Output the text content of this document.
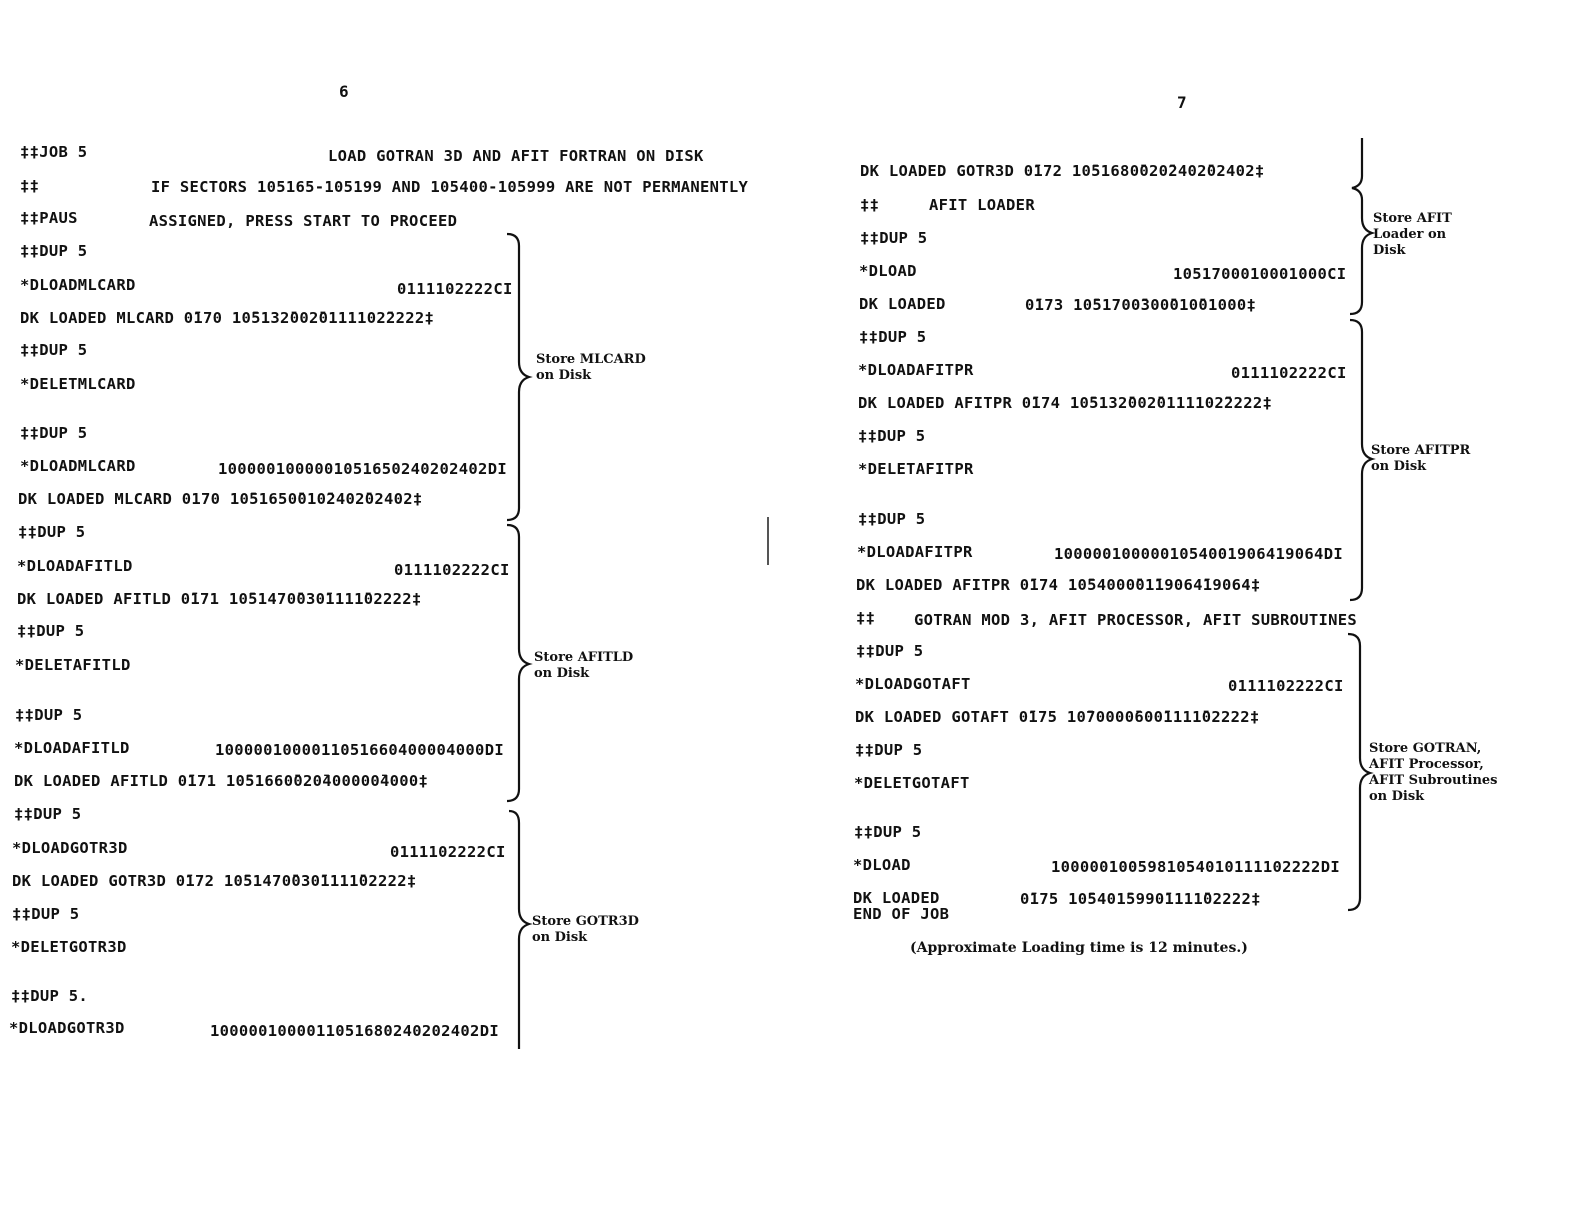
6

‡‡JOB 5

	LOAD GOTRAN 3D AND AFIT FORTRAN ON DISK

‡‡

	IF SECTORS 105165-105199 AND 105400-105999 ARE NOT PERMANENTLY

‡‡PAUS

	ASSIGNED, PRESS START TO PROCEED

‡‡DUP 5

*DLOADMLCARD

	0111102222CI

DK LOADED MLCARD 0̄170 10̄5132̄002̄0111102̄2222‡
‡‡DUP 5
*DELETMLCARD
‡‡DUP 5

*DLOADMLCARD

	1000001000001051650240202402DI

DK LOADED MLCARD 0170 10̄51650̄010̄2402̄02402‡
‡‡DUP 5

*DLOADAFITLD

	0111102222CI

DK LOADED AFITLD 0̄171 10̄51470̄030̄1111̄02222‡
‡‡DUP 5
*DELETAFITLD
‡‡DUP 5

*DLOADAFITLD

	1000001000011051660400004000DI

DK LOADED AFITLD 0̄171 10̄51660̄020̄400000̄4000‡
‡‡DUP 5

*DLOADGOTR3D

	0111102222CI

DK LOADED GOTR3D 0̄172 10̄51470̄030̄1111̄02222‡
‡‡DUP 5
*DELETGOTR3D
‡‡DUP 5.

*DLOADGOTR3D

	1000001000011051680240202402DI

Store MLCARD
on Disk
Store AFITLD
on Disk
Store GOTR3D
on Disk
7
DK LOADED GOTR3D 0̄172 10̄51680̄020̄2402̄02402‡

‡‡

	AFIT LOADER

‡‡DUP 5

*DLOAD

	1051700010001000CI

DK LOADED

	0̄173 10̄51700̄300̄010̄01000‡

‡‡DUP 5

*DLOADAFITPR

	0111102222CI

DK LOADED AFITPR 0̄174 10̄5132̄002̄0111102̄2222‡
‡‡DUP 5
*DELETAFITPR
‡‡DUP 5

*DLOADAFITPR

	1000001000001054001906419064DI

DK LOADED AFITPR 0̄174 10̄54000̄01̄19064̄19064‡

‡‡

GOTRAN MOD 3, AFIT PROCESSOR, AFIT SUBROUTINES

‡‡DUP 5

*DLOADGOTAFT

	0111102222CI

DK LOADED GOTAFT 0̄175 10̄70000̄600̄1111̄02222‡
‡‡DUP 5
*DELETGOTAFT
‡‡DUP 5

*DLOAD

	1000001005981054010111102222DI

DK LOADED

	0̄175 10̄5401̄5990̄1111̄02222‡

END OF JOB
Store AFIT
Loader on
Disk
Store AFITPR
on Disk
Store GOTRAN,
AFIT Processor,
AFIT Subroutines
on Disk
(Approximate Loading time is 12 minutes.)
